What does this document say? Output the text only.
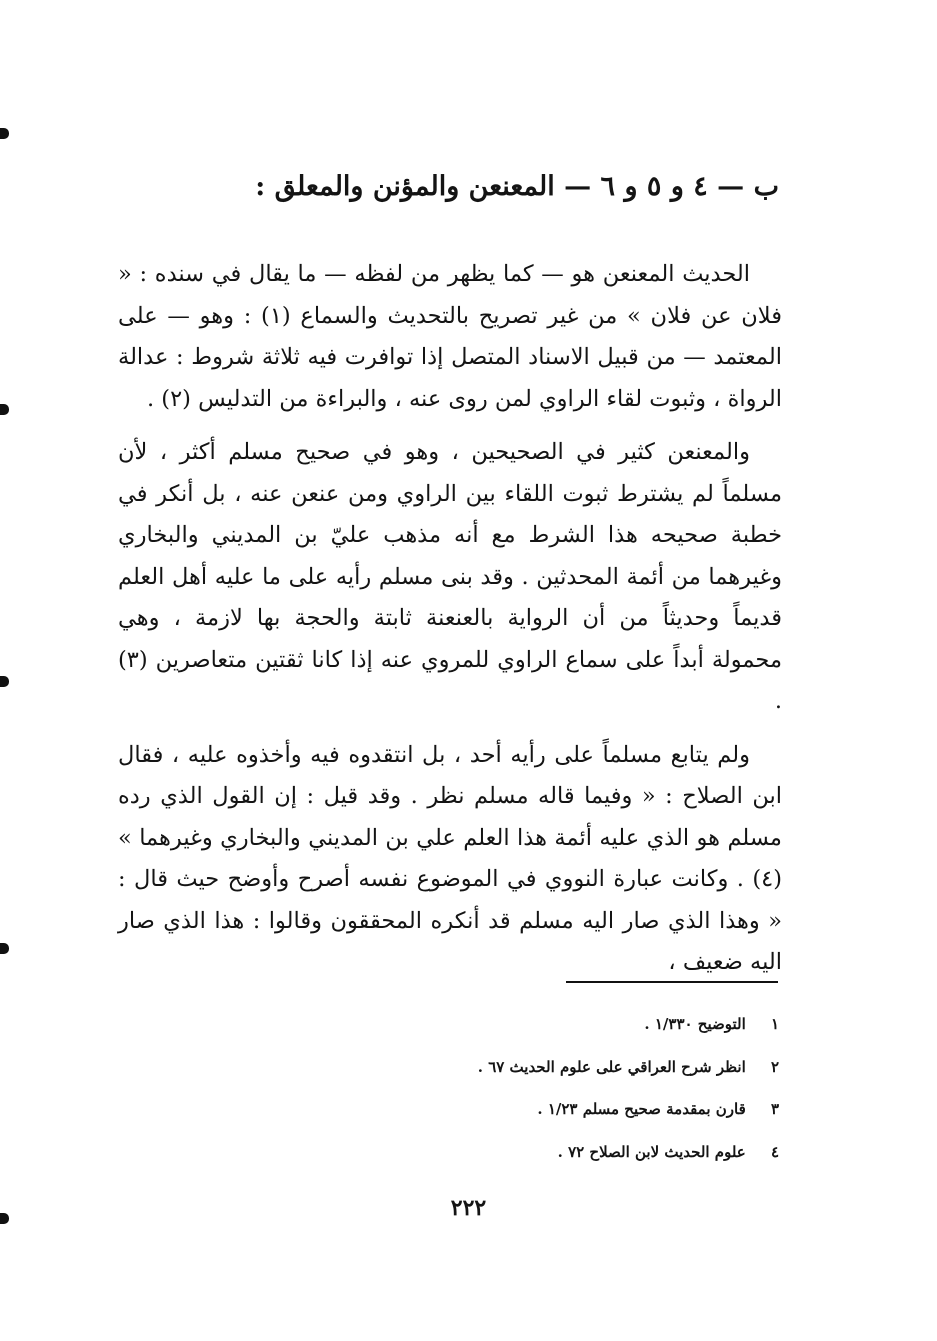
ب — ٤ و ٥ و ٦ — المعنعن والمؤنن والمعلق :

الحديث المعنعن هو — كما يظهر من لفظه — ما يقال في سنده : « فلان عن فلان » من غير تصريح بالتحديث والسماع (١) : وهو — على المعتمد — من قبيل الاسناد المتصل إذا توافرت فيه ثلاثة شروط : عدالة الرواة ، وثبوت لقاء الراوي لمن روى عنه ، والبراءة من التدليس (٢) .

والمعنعن كثير في الصحيحين ، وهو في صحيح مسلم أكثر ، لأن مسلماً لم يشترط ثبوت اللقاء بين الراوي ومن عنعن عنه ، بل أنكر في خطبة صحيحه هذا الشرط مع أنه مذهب عليّ بن المديني والبخاري وغيرهما من أئمة المحدثين . وقد بنى مسلم رأيه على ما عليه أهل العلم قديماً وحديثاً من أن الرواية بالعنعنة ثابتة والحجة بها لازمة ، وهي محمولة أبداً على سماع الراوي للمروي عنه إذا كانا ثقتين متعاصرين (٣) .

ولم يتابع مسلماً على رأيه أحد ، بل انتقدوه فيه وأخذوه عليه ، فقال ابن الصلاح : « وفيما قاله مسلم نظر . وقد قيل : إن القول الذي رده مسلم هو الذي عليه أئمة هذا العلم علي بن المديني والبخاري وغيرهما » (٤) . وكانت عبارة النووي في الموضوع نفسه أصرح وأوضح حيث قال : « وهذا الذي صار اليه مسلم قد أنكره المحققون وقالوا : هذا الذي صار اليه ضعيف ،

١ التوضيح ١/٣٣٠ .
٢ انظر شرح العراقي على علوم الحديث ٦٧ .
٣ قارن بمقدمة صحيح مسلم ١/٢٣ .
٤ علوم الحديث لابن الصلاح ٧٢ .
٢٢٢
